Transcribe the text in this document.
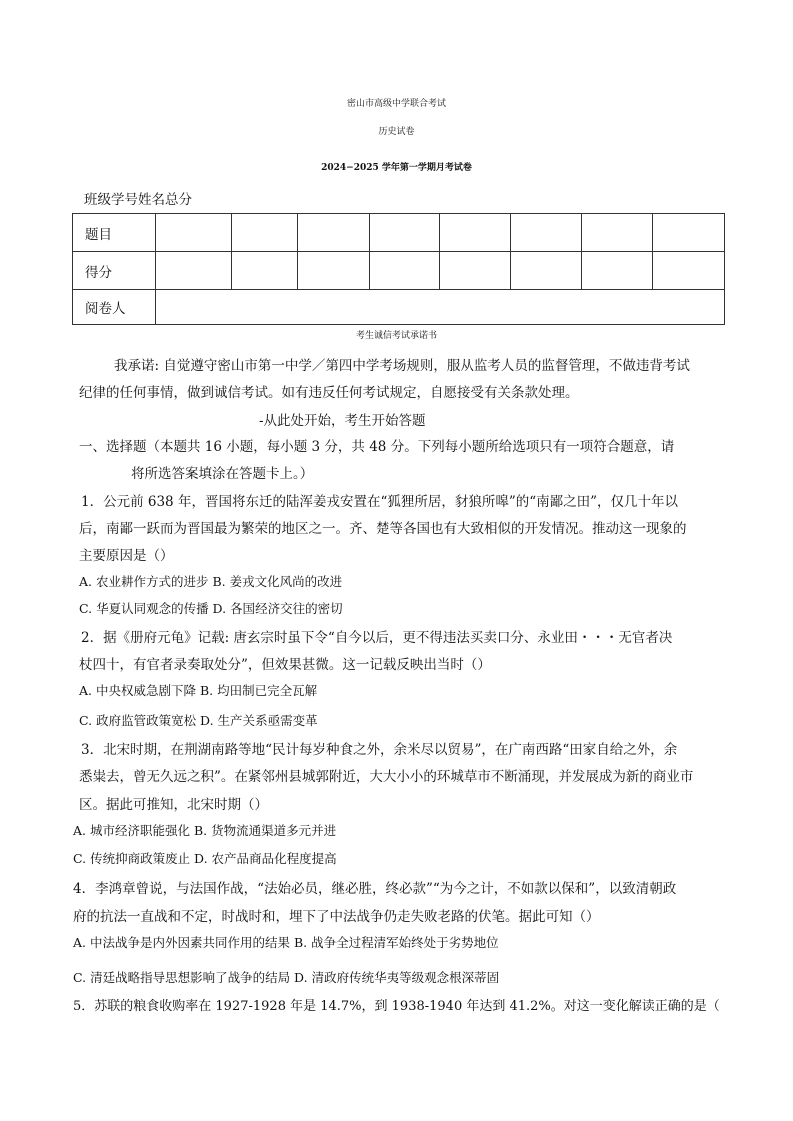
密山市高级中学联合考试
历史试卷
2024−2025 学年第一学期月考试卷
班级学号姓名总分
题目								
得分								
阅卷人								
考生诚信考试承诺书
我承诺: 自觉遵守密山市第一中学／第四中学考场规则，服从监考人员的监督管理，不做违背考试
纪律的任何事情，做到诚信考试。如有违反任何考试规定，自愿接受有关条款处理。
-从此处开始，考生开始答题
一、选择题（本题共 16 小题，每小题 3 分，共 48 分。下列每小题所给选项只有一项符合题意，请
将所选答案填涂在答题卡上。）
1．公元前 638 年，晋国将东迁的陆浑姜戎安置在“狐狸所居，豺狼所嗥”的“南鄙之田”，仅几十年以
后，南鄙一跃而为晋国最为繁荣的地区之一。齐、楚等各国也有大致相似的开发情况。推动这一现象的
主要原因是（）
A. 农业耕作方式的进步 B. 姜戎文化风尚的改进
C. 华夏认同观念的传播 D. 各国经济交往的密切
2．据《册府元龟》记载: 唐玄宗时虽下令“自今以后，更不得违法买卖口分、永业田・・・无官者决
杖四十，有官者录奏取处分”，但效果甚微。这一记载反映出当时（）
A. 中央权威急剧下降 B. 均田制已完全瓦解
C. 政府监管政策宽松 D. 生产关系亟需变革
3．北宋时期，在荆湖南路等地“民计每岁种食之外，余米尽以贸易”，在广南西路“田家自给之外，余
悉粜去，曾无久远之积”。在紧邻州县城郭附近，大大小小的环城草市不断涌现，并发展成为新的商业市
区。据此可推知，北宋时期（）
A. 城市经济职能强化 B. 货物流通渠道多元并进
C. 传统抑商政策废止 D. 农产品商品化程度提高
4．李鸿章曾说，与法国作战，“法始必员，继必胜，终必款”“为今之计，不如款以保和”，以致清朝政
府的抗法一直战和不定，时战时和，埋下了中法战争仍走失败老路的伏笔。据此可知（）
A. 中法战争是内外因素共同作用的结果 B. 战争全过程清军始终处于劣势地位
C. 清廷战略指导思想影响了战争的结局 D. 清政府传统华夷等级观念根深蒂固
5．苏联的粮食收购率在 1927-1928 年是 14.7%，到 1938-1940 年达到 41.2%。对这一变化解读正确的是（
